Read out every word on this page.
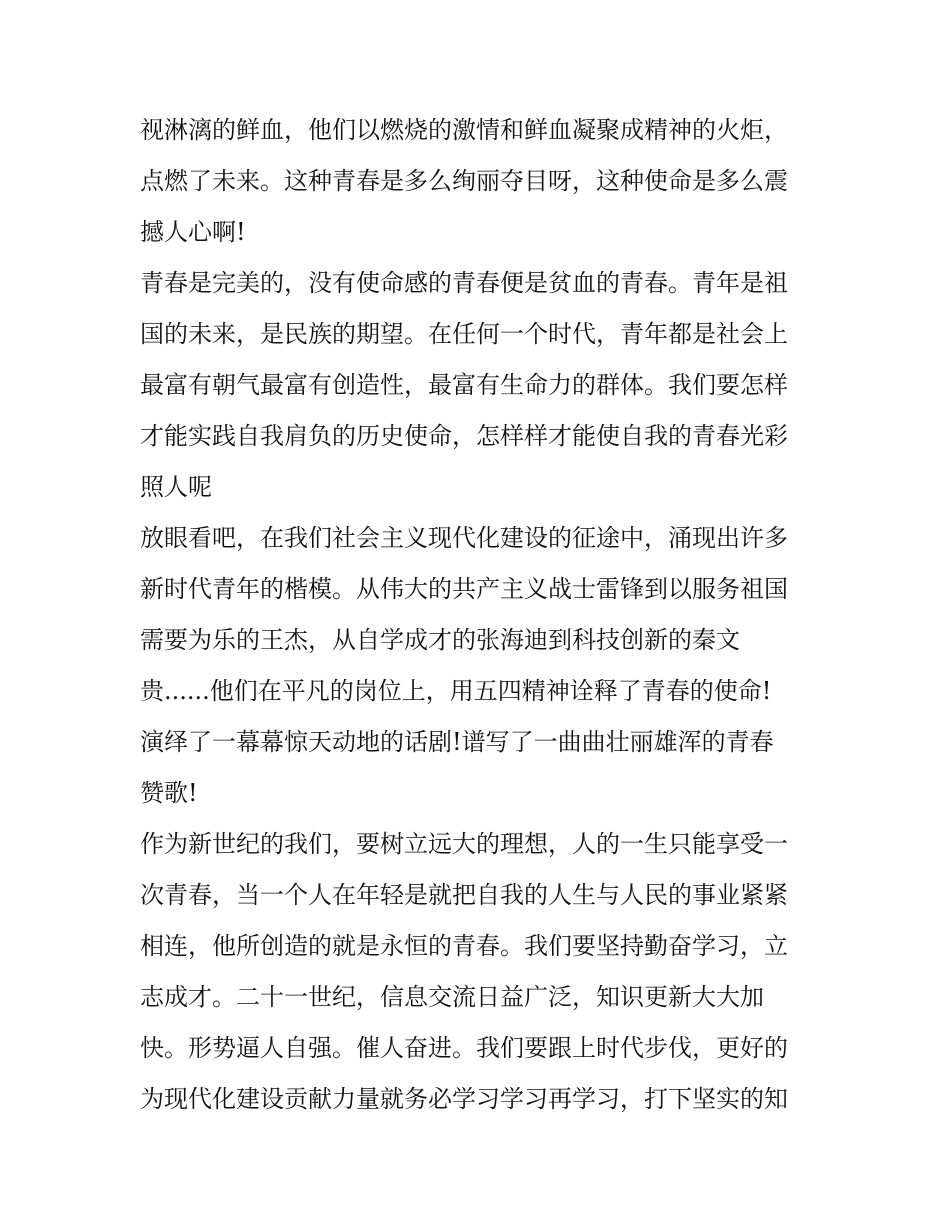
视淋漓的鲜血，他们以燃烧的激情和鲜血凝聚成精神的火炬，
点燃了未来。这种青春是多么绚丽夺目呀，这种使命是多么震
撼人心啊!
青春是完美的，没有使命感的青春便是贫血的青春。青年是祖
国的未来，是民族的期望。在任何一个时代，青年都是社会上
最富有朝气最富有创造性，最富有生命力的群体。我们要怎样
才能实践自我肩负的历史使命，怎样样才能使自我的青春光彩
照人呢
放眼看吧，在我们社会主义现代化建设的征途中，涌现出许多
新时代青年的楷模。从伟大的共产主义战士雷锋到以服务祖国
需要为乐的王杰，从自学成才的张海迪到科技创新的秦文
贵......他们在平凡的岗位上，用五四精神诠释了青春的使命!
演绎了一幕幕惊天动地的话剧!谱写了一曲曲壮丽雄浑的青春
赞歌!
作为新世纪的我们，要树立远大的理想，人的一生只能享受一
次青春，当一个人在年轻是就把自我的人生与人民的事业紧紧
相连，他所创造的就是永恒的青春。我们要坚持勤奋学习，立
志成才。二十一世纪，信息交流日益广泛，知识更新大大加
快。形势逼人自强。催人奋进。我们要跟上时代步伐，更好的
为现代化建设贡献力量就务必学习学习再学习，打下坚实的知
